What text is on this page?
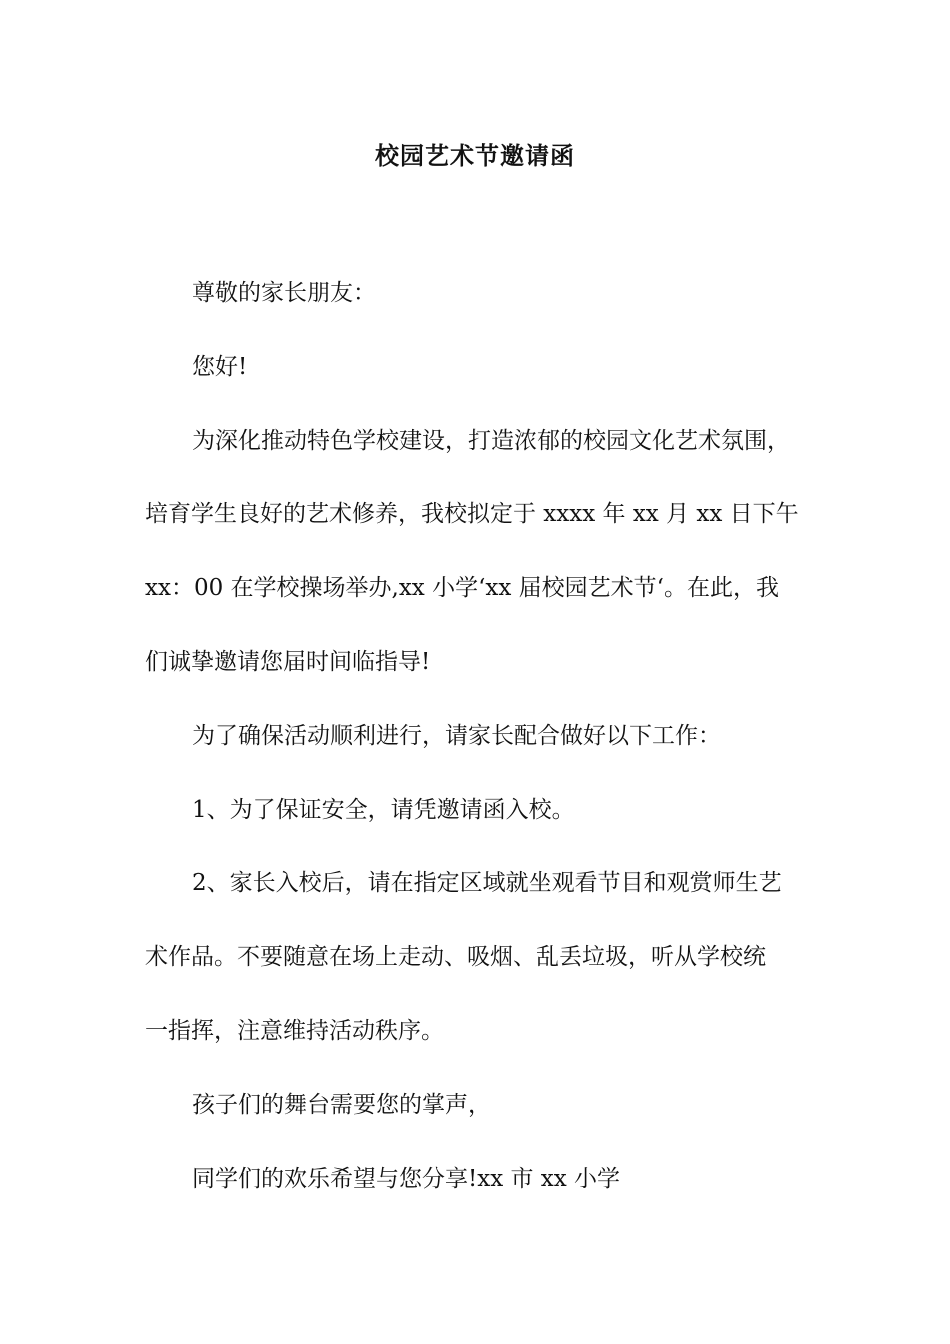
校园艺术节邀请函

尊敬的家长朋友：

您好!

为深化推动特色学校建设，打造浓郁的校园文化艺术氛围，

培育学生良好的艺术修养，我校拟定于 xxxx 年 xx 月 xx 日下午

xx：00 在学校操场举办,xx 小学‘xx 届校园艺术节‘。在此，我

们诚挚邀请您届时间临指导!

为了确保活动顺利进行，请家长配合做好以下工作：

1、为了保证安全，请凭邀请函入校。

2、家长入校后，请在指定区域就坐观看节目和观赏师生艺

术作品。不要随意在场上走动、吸烟、乱丢垃圾，听从学校统

一指挥，注意维持活动秩序。

孩子们的舞台需要您的掌声，

同学们的欢乐希望与您分享!xx 市 xx 小学
